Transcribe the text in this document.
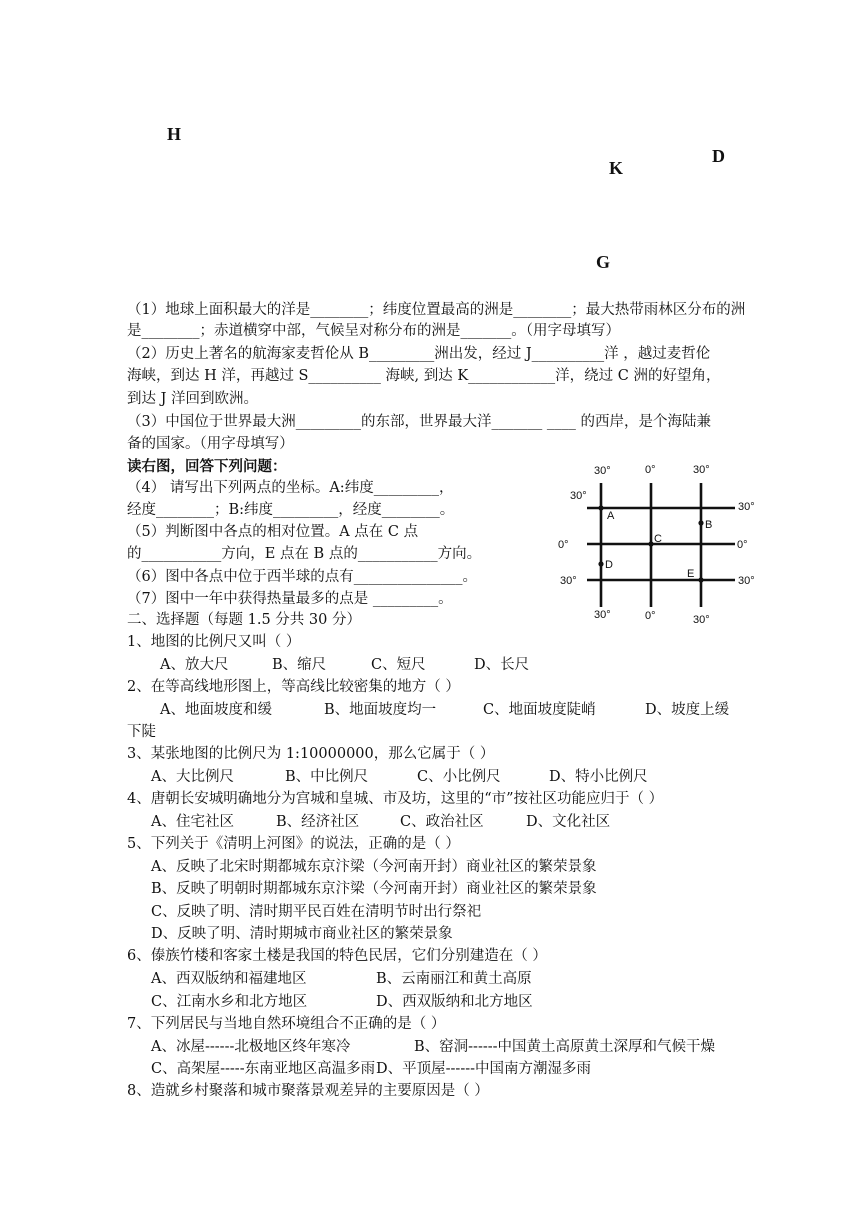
H
K
D
G
（1）地球上面积最大的洋是________；纬度位置最高的洲是________；最大热带雨林区分布的洲
是________；赤道横穿中部，气候呈对称分布的洲是_______。（用字母填写）
（2）历史上著名的航海家麦哲伦从 B_________洲出发，经过 J__________洋 ，越过麦哲伦
海峡，到达 H 洋，再越过 S__________ 海峡, 到达 K____________洋，绕过 C 洲的好望角，
到达 J 洋回到欧洲。
（3）中国位于世界最大洲_________的东部，世界最大洋_______ ____ 的西岸，是个海陆兼
备的国家。（用字母填写）
读右图，回答下列问题：
（4） 请写出下列两点的坐标。A:纬度_________，
经度________；B:纬度_________，经度________。
（5）判断图中各点的相对位置。A 点在 C 点
的___________方向，E 点在 B 点的___________方向。
（6）图中各点中位于西半球的点有_______________。
（7）图中一年中获得热量最多的点是 _________。
30°	0°	30°
30°	0°	30°
30°
0°
30°
30°
0°
30°
A
B
C
D
E
二、选择题（每题 1.5 分共 30 分）
1、地图的比例尺又叫（ ）
A、放大尺	B、缩尺	C、短尺	D、长尺
2、在等高线地形图上，等高线比较密集的地方（ ）
A、地面坡度和缓	B、地面坡度均一	C、地面坡度陡峭	D、坡度上缓
下陡
3、某张地图的比例尺为 1:10000000，那么它属于（ ）
A、大比例尺	B、中比例尺	C、小比例尺	D、特小比例尺
4、唐朝长安城明确地分为宫城和皇城、市及坊，这里的“市”按社区功能应归于（ ）
A、住宅社区	B、经济社区	C、政治社区	D、文化社区
5、下列关于《清明上河图》的说法，正确的是（ ）
A、反映了北宋时期都城东京汴梁（今河南开封）商业社区的繁荣景象
B、反映了明朝时期都城东京汴梁（今河南开封）商业社区的繁荣景象
C、反映了明、清时期平民百姓在清明节时出行祭祀
D、反映了明、清时期城市商业社区的繁荣景象
6、傣族竹楼和客家土楼是我国的特色民居，它们分别建造在（ ）
A、西双版纳和福建地区	B、云南丽江和黄土高原
C、江南水乡和北方地区	D、西双版纳和北方地区
7、下列居民与当地自然环境组合不正确的是（ ）
A、冰屋------北极地区终年寒冷	B、窑洞------中国黄土高原黄土深厚和气候干燥
C、高架屋-----东南亚地区高温多雨 D、平顶屋------中国南方潮湿多雨
8、造就乡村聚落和城市聚落景观差异的主要原因是（ ）
